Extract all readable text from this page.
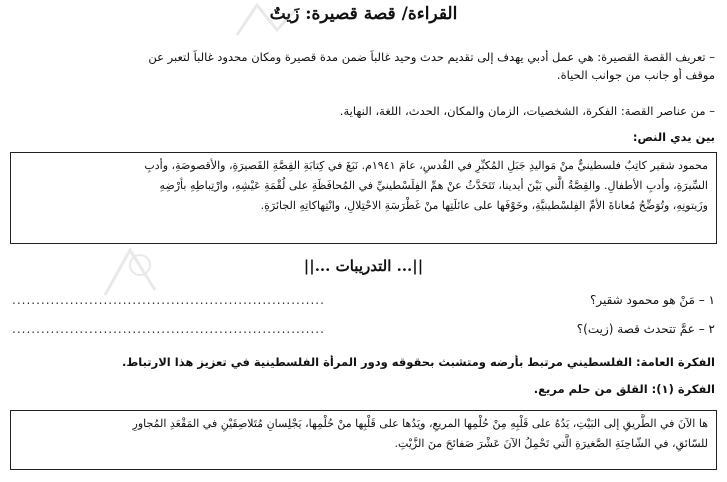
القراءة/ قصة قصيرة: زَيتٌ
– تعريف القصة القصيرة: هي عمل أدبي يهدف إلى تقديم حدث وحيد غالباً ضمن مدة قصيرة ومكان محدود غالباً لتعبر عن
موقف أو جانب من جوانب الحياة.
– من عناصر القصة: الفكرة، الشخصيات، الزمان والمكان، الحدث، اللغة، النهاية.
بين يدي النص:
محمود شقير كاتِبٌ فلسطينيٌّ منْ مَواليدِ جَبَلِ المُكبِّرِ في القُدسِ، عامَ ١٩٤١م. نَبَغَ في كِتابَةِ القِصَّةِ القَصيرَةِ، والأقصوصَةِ، وأدبِ
السِّيرَةِ، وأدبِ الأطفالِ. والقِصَّةُ الَّتي بَيْنَ أيدينا، تَتَحَدَّثُ عنْ همِّ الفِلَسْطينيِّ في المُحافَظَةِ على لُقْمَةِ عَيْشِهِ، وارْتِباطِهِ بأرْضِهِ
وزَيتونِهِ، وتُوَضِّحُ مُعاناةَ الأمِّ الفِلسْطينيَّةِ، وخَوْفَها على عائلَتِها منْ غَطْرَسَةِ الاحْتِلالِ، وانْتِهاكاتِهِ الجائرَةِ.
||... التدريبات ...||
١ – مَنْ هو محمود شقير؟
.................................................................
٢ – عمَّ تتحدث قصة (زيت)؟
.................................................................
الفكرة العامة: الفلسطيني مرتبط بأرضه ومتشبث بحقوقه ودور المرأة الفلسطينية في تعزيز هذا الارتباط.
الفكرة (١): القلق من حلم مريع.
ها الآنَ في الطَّريقِ إلى البَيْتِ، يَدُهُ على قَلْبِهِ مِنْ حُلْمِها المريعِ، ويَدُها على قَلْبِها منْ حُلْمِها، يَجْلِسانِ مُتَلاصِقَيْنِ في المَقْعَدِ المُجاورِ
للسّائقِ، في الشّاحِنَةِ الصَّغيرَةِ الَّتي تَحْمِلُ الآنَ عَشْرَ صَفائحَ منَ الزَّيْتِ.
